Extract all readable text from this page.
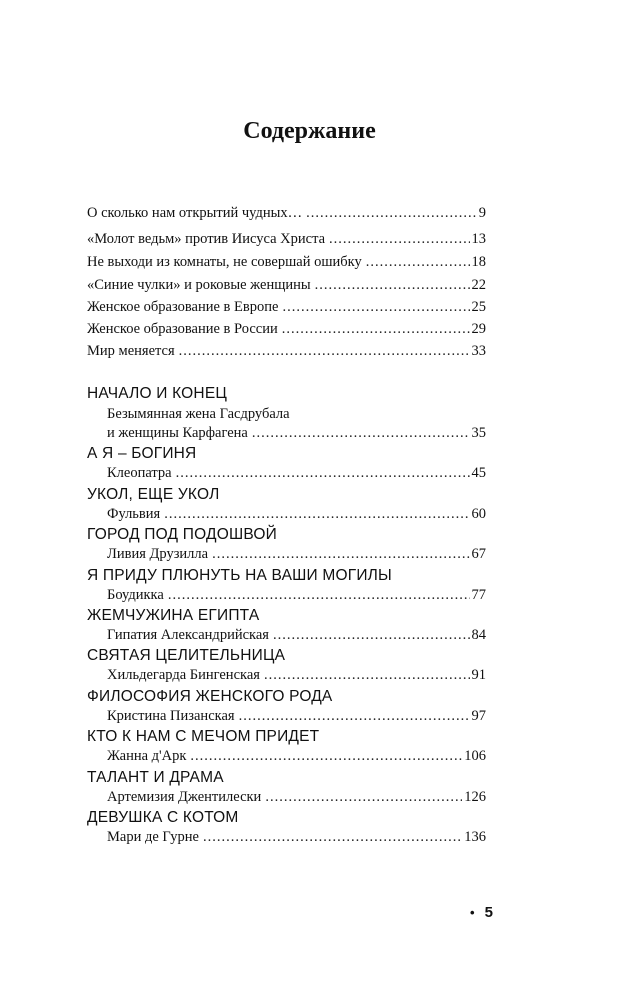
Содержание
О сколько нам открытий чудных… .....	9
«Молот ведьм» против Иисуса Христа .....	13
Не выходи из комнаты, не совершай ошибку .....	18
«Синие чулки» и роковые женщины .....	22
Женское образование в Европе .....	25
Женское образование в России .....	29
Мир меняется .....	33
НАЧАЛО И КОНЕЦ
Безымянная жена Гасдрубала
и женщины Карфагена .....	35
А Я – БОГИНЯ
Клеопатра .....	45
УКОЛ, ЕЩЕ УКОЛ
Фульвия .....	60
ГОРОД ПОД ПОДОШВОЙ
Ливия Друзилла .....	67
Я ПРИДУ ПЛЮНУТЬ НА ВАШИ МОГИЛЫ
Боудикка .....	77
ЖЕМЧУЖИНА ЕГИПТА
Гипатия Александрийская .....	84
СВЯТАЯ ЦЕЛИТЕЛЬНИЦА
Хильдегарда Бингенская .....	91
ФИЛОСОФИЯ ЖЕНСКОГО РОДА
Кристина Пизанская .....	97
КТО К НАМ С МЕЧОМ ПРИДЕТ
Жанна д'Арк .....	106
ТАЛАНТ И ДРАМА
Артемизия Джентилески .....	126
ДЕВУШКА С КОТОМ
Мари де Гурне .....	136
• 5
